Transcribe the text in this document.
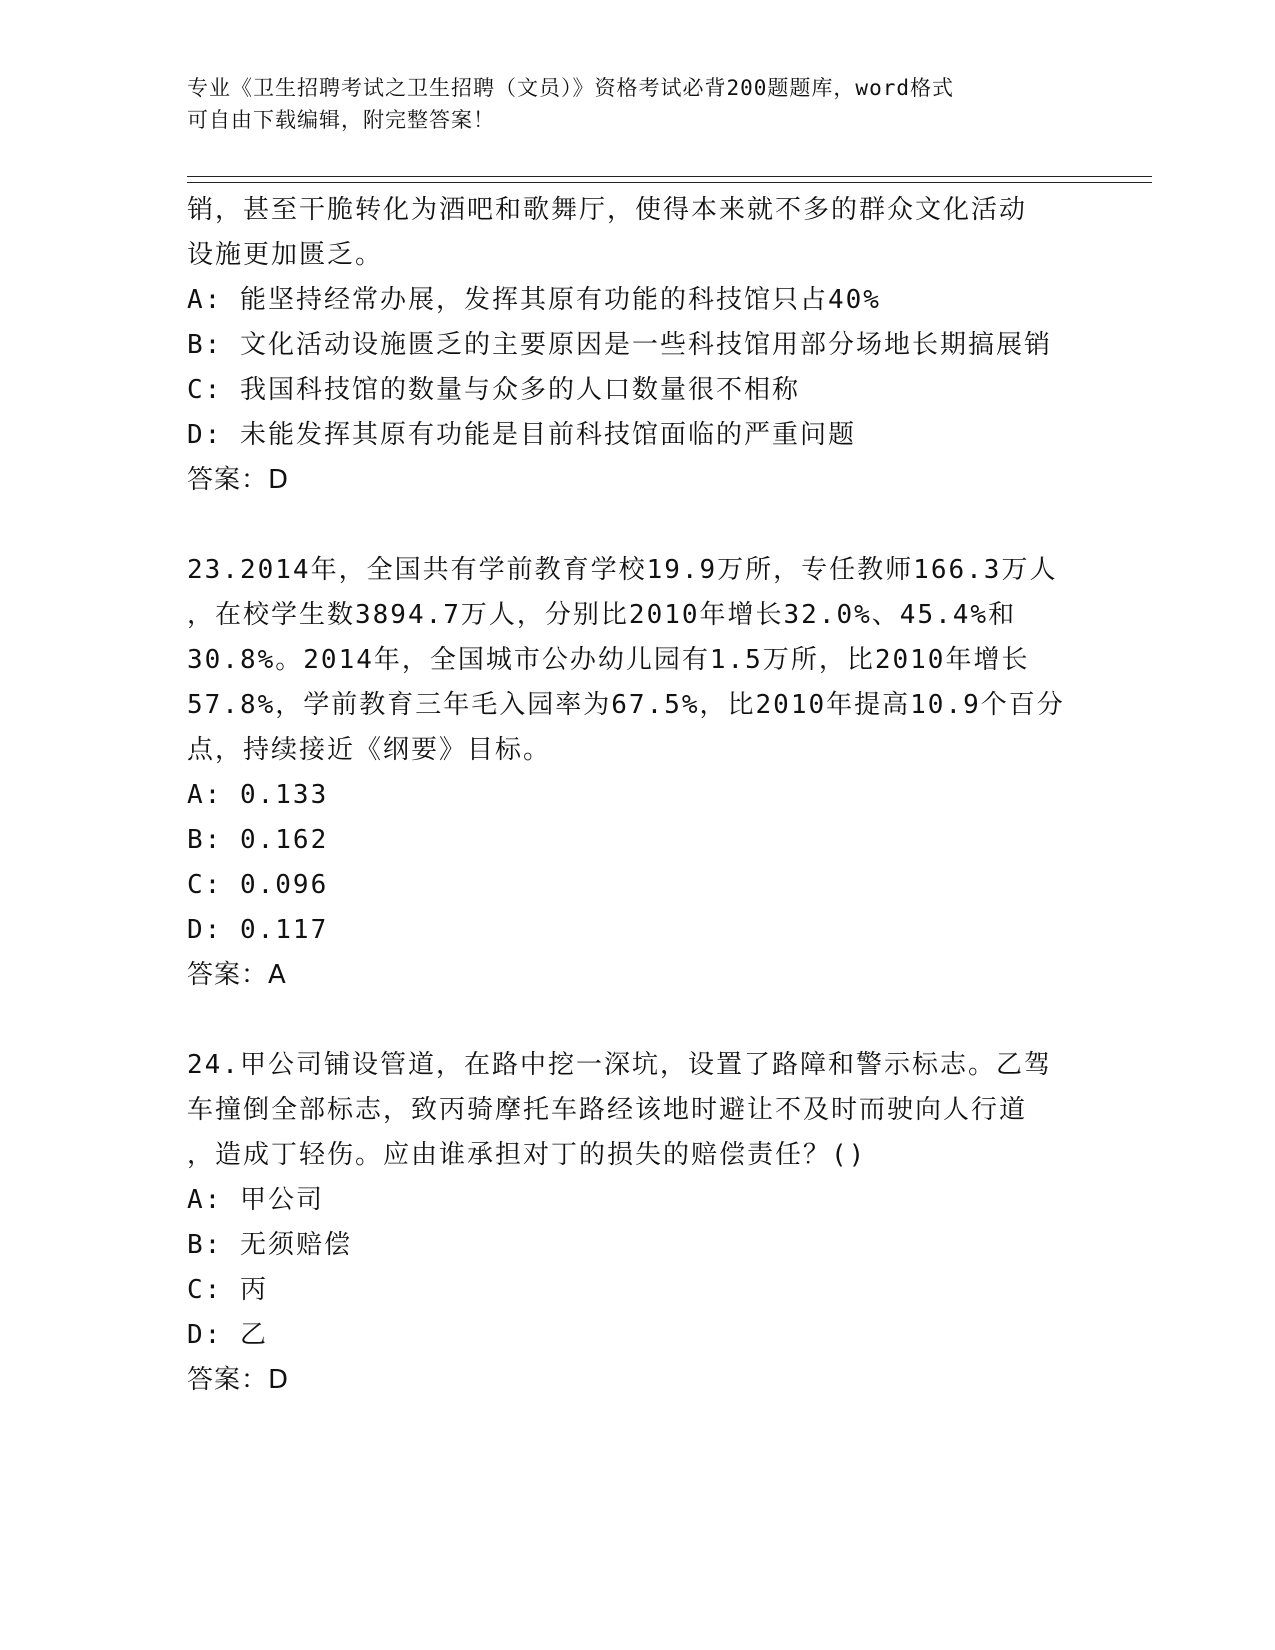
专业《卫生招聘考试之卫生招聘（文员）》资格考试必背200题题库，word格式
可自由下载编辑，附完整答案！
销，甚至干脆转化为酒吧和歌舞厅，使得本来就不多的群众文化活动
设施更加匮乏。
A: 能坚持经常办展，发挥其原有功能的科技馆只占40%
B: 文化活动设施匮乏的主要原因是一些科技馆用部分场地长期搞展销
C: 我国科技馆的数量与众多的人口数量很不相称
D: 未能发挥其原有功能是目前科技馆面临的严重问题
答案：D
23.2014年，全国共有学前教育学校19.9万所，专任教师166.3万人
，在校学生数3894.7万人，分别比2010年增长32.0%、45.4%和
30.8%。2014年，全国城市公办幼儿园有1.5万所，比2010年增长
57.8%，学前教育三年毛入园率为67.5%，比2010年提高10.9个百分
点，持续接近《纲要》目标。
A: 0.133
B: 0.162
C: 0.096
D: 0.117
答案：A
24.甲公司铺设管道，在路中挖一深坑，设置了路障和警示标志。乙驾
车撞倒全部标志，致丙骑摩托车路经该地时避让不及时而驶向人行道
，造成丁轻伤。应由谁承担对丁的损失的赔偿责任？()
A: 甲公司
B: 无须赔偿
C: 丙
D: 乙
答案：D
